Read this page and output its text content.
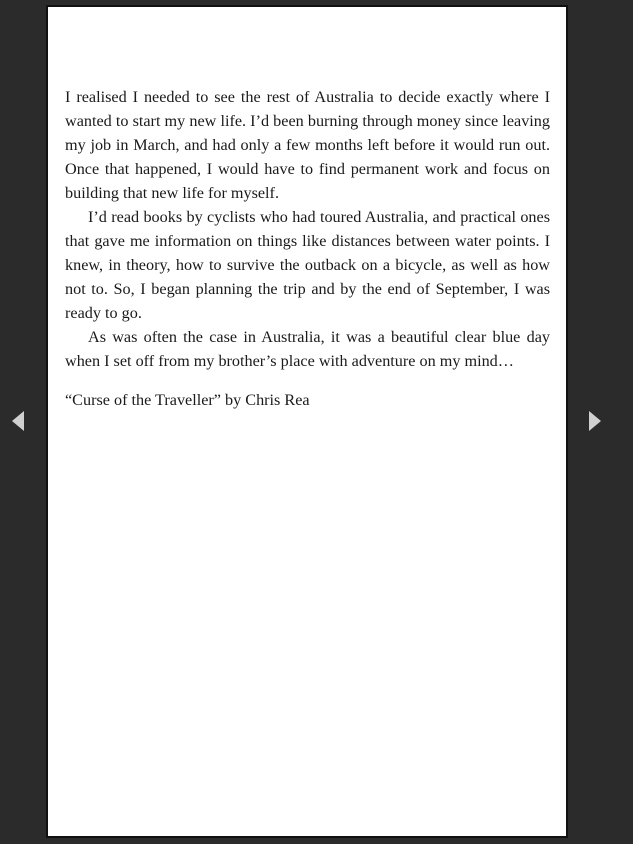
I realised I needed to see the rest of Australia to decide exactly where I wanted to start my new life. I’d been burning through money since leaving my job in March, and had only a few months left before it would run out. Once that happened, I would have to find permanent work and focus on building that new life for myself.

I’d read books by cyclists who had toured Australia, and practical ones that gave me information on things like distances between water points. I knew, in theory, how to survive the outback on a bicycle, as well as how not to. So, I began planning the trip and by the end of September, I was ready to go.

As was often the case in Australia, it was a beautiful clear blue day when I set off from my brother’s place with adventure on my mind…

“Curse of the Traveller” by Chris Rea
